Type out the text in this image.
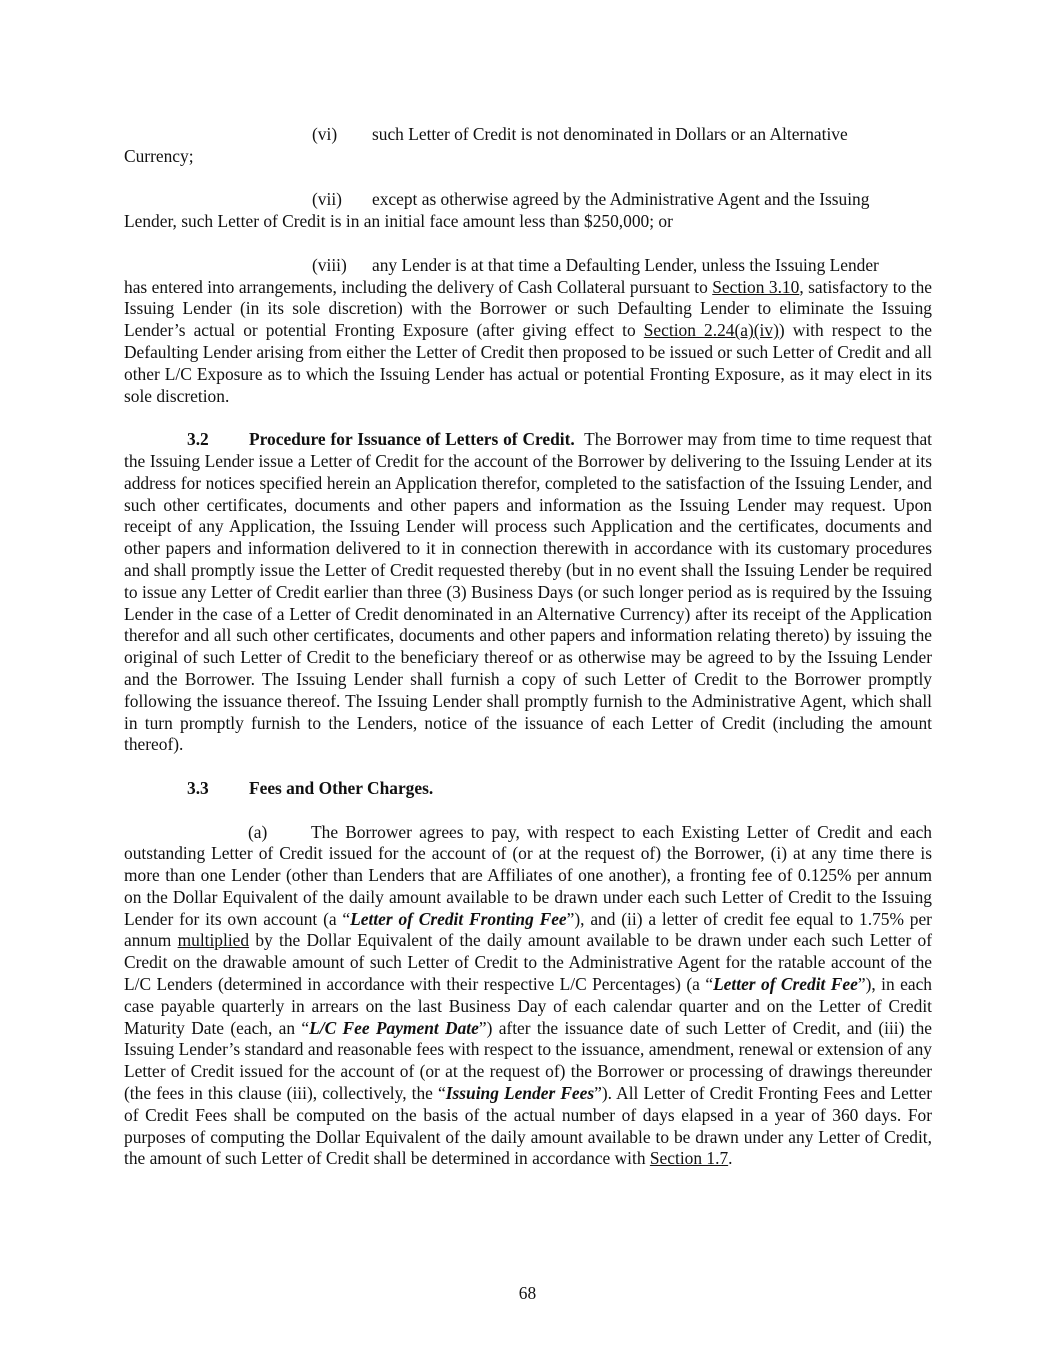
(vi)	such Letter of Credit is not denominated in Dollars or an Alternative

Currency;

(vii)	except as otherwise agreed by the Administrative Agent and the Issuing

Lender, such Letter of Credit is in an initial face amount less than $250,000; or

(viii)	any Lender is at that time a Defaulting Lender, unless the Issuing Lender

has entered into arrangements, including the delivery of Cash Collateral pursuant to Section 3.10, satisfactory to the Issuing Lender (in its sole discretion) with the Borrower or such Defaulting Lender to eliminate the Issuing Lender’s actual or potential Fronting Exposure (after giving effect to Section 2.24(a)(iv)) with respect to the Defaulting Lender arising from either the Letter of Credit then proposed to be issued or such Letter of Credit and all other L/C Exposure as to which the Issuing Lender has actual or potential Fronting Exposure, as it may elect in its sole discretion.

3.2 Procedure for Issuance of Letters of Credit. The Borrower may from time to time request that the Issuing Lender issue a Letter of Credit for the account of the Borrower by delivering to the Issuing Lender at its address for notices specified herein an Application therefor, completed to the satisfaction of the Issuing Lender, and such other certificates, documents and other papers and information as the Issuing Lender may request. Upon receipt of any Application, the Issuing Lender will process such Application and the certificates, documents and other papers and information delivered to it in connection therewith in accordance with its customary procedures and shall promptly issue the Letter of Credit requested thereby (but in no event shall the Issuing Lender be required to issue any Letter of Credit earlier than three (3) Business Days (or such longer period as is required by the Issuing Lender in the case of a Letter of Credit denominated in an Alternative Currency) after its receipt of the Application therefor and all such other certificates, documents and other papers and information relating thereto) by issuing the original of such Letter of Credit to the beneficiary thereof or as otherwise may be agreed to by the Issuing Lender and the Borrower. The Issuing Lender shall furnish a copy of such Letter of Credit to the Borrower promptly following the issuance thereof. The Issuing Lender shall promptly furnish to the Administrative Agent, which shall in turn promptly furnish to the Lenders, notice of the issuance of each Letter of Credit (including the amount thereof).

3.3 Fees and Other Charges.

(a)	The Borrower agrees to pay, with respect to each Existing Letter of Credit and each outstanding Letter of Credit issued for the account of (or at the request of) the Borrower, (i) at any time there is more than one Lender (other than Lenders that are Affiliates of one another), a fronting fee of 0.125% per annum on the Dollar Equivalent of the daily amount available to be drawn under each such Letter of Credit to the Issuing Lender for its own account (a “Letter of Credit Fronting Fee”), and (ii) a letter of credit fee equal to 1.75% per annum multiplied by the Dollar Equivalent of the daily amount available to be drawn under each such Letter of Credit on the drawable amount of such Letter of Credit to the Administrative Agent for the ratable account of the L/C Lenders (determined in accordance with their respective L/C Percentages) (a “Letter of Credit Fee”), in each case payable quarterly in arrears on the last Business Day of each calendar quarter and on the Letter of Credit Maturity Date (each, an “L/C Fee Payment Date”) after the issuance date of such Letter of Credit, and (iii) the Issuing Lender’s standard and reasonable fees with respect to the issuance, amendment, renewal or extension of any Letter of Credit issued for the account of (or at the request of) the Borrower or processing of drawings thereunder (the fees in this clause (iii), collectively, the “Issuing Lender Fees”). All Letter of Credit Fronting Fees and Letter of Credit Fees shall be computed on the basis of the actual number of days elapsed in a year of 360 days. For purposes of computing the Dollar Equivalent of the daily amount available to be drawn under any Letter of Credit, the amount of such Letter of Credit shall be determined in accordance with Section 1.7.

68
